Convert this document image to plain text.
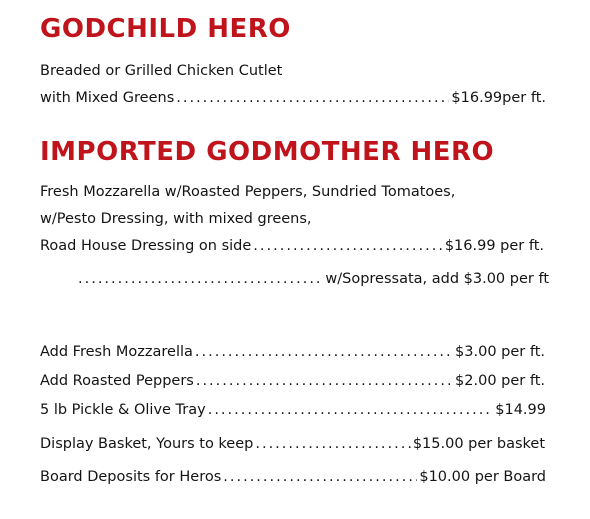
GODCHILD HERO
Breaded or Grilled Chicken Cutlet
with Mixed Greens .....	$16.99per ft.
IMPORTED GODMOTHER HERO
Fresh Mozzarella w/Roasted Peppers, Sundried Tomatoes,
w/Pesto Dressing, with mixed greens,
Road House Dressing on side .....	$16.99 per ft.
.....
w/Sopressata, add $3.00 per ft
Add Fresh Mozzarella .....	$3.00 per ft.
Add Roasted Peppers .....	$2.00 per ft.
5 lb Pickle & Olive Tray .....	$14.99
Display Basket, Yours to keep .....	$15.00 per basket
Board Deposits for Heros .....	$10.00 per Board
